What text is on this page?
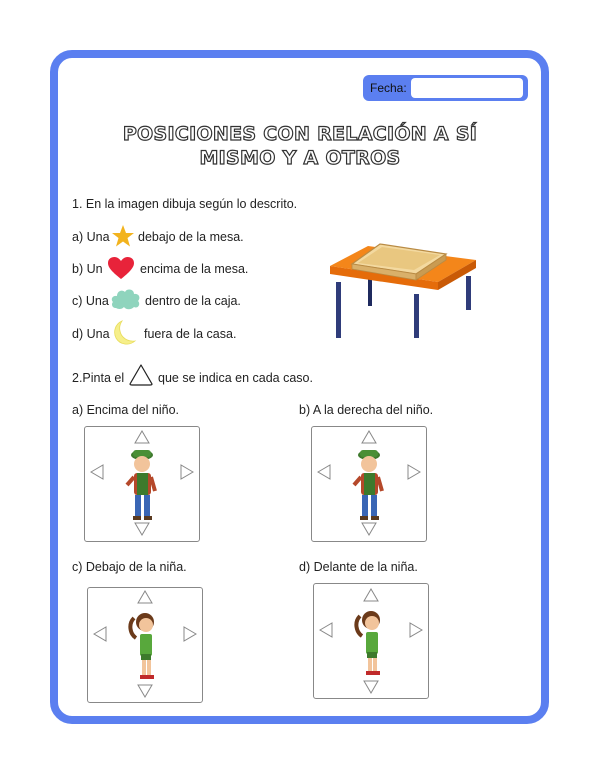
Fecha:
POSICIONES CON RELACIÓN A SÍ
MISMO Y A OTROS
1. En la imagen dibuja según lo descrito.
a) Una debajo de la mesa.
b) Un	encima de la mesa.
c) Una	dentro de la caja.
d) Una	fuera de la casa.
2.Pinta el	que se indica en cada caso.
a) Encima del niño.	b) A la derecha del niño.
c) Debajo de la niña.	d) Delante de la niña.
